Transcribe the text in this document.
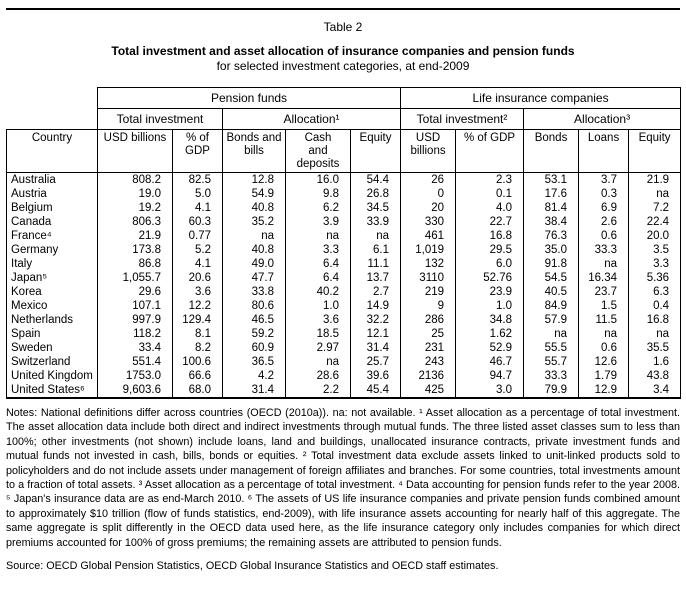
Table 2
Total investment and asset allocation of insurance companies and pension funds
for selected investment categories, at end-2009
	Pension funds					Life insurance companies				
	Total investment		Allocation¹			Total investment²		Allocation³		
Country	USD billions	% of GDP	Bonds and bills	Cash and deposits	Equity	USD billions	% of GDP	Bonds	Loans	Equity
Australia	808.2	82.5	12.8	16.0	54.4	26	2.3	53.1	3.7	21.9
Austria	19.0	5.0	54.9	9.8	26.8	0	0.1	17.6	0.3	na
Belgium	19.2	4.1	40.8	6.2	34.5	20	4.0	81.4	6.9	7.2
Canada	806.3	60.3	35.2	3.9	33.9	330	22.7	38.4	2.6	22.4
France⁴	21.9	0.77	na	na	na	461	16.8	76.3	0.6	20.0
Germany	173.8	5.2	40.8	3.3	6.1	1,019	29.5	35.0	33.3	3.5
Italy	86.8	4.1	49.0	6.4	11.1	132	6.0	91.8	na	3.3
Japan⁵	1,055.7	20.6	47.7	6.4	13.7	3110	52.76	54.5	16.34	5.36
Korea	29.6	3.6	33.8	40.2	2.7	219	23.9	40.5	23.7	6.3
Mexico	107.1	12.2	80.6	1.0	14.9	9	1.0	84.9	1.5	0.4
Netherlands	997.9	129.4	46.5	3.6	32.2	286	34.8	57.9	11.5	16.8
Spain	118.2	8.1	59.2	18.5	12.1	25	1.62	na	na	na
Sweden	33.4	8.2	60.9	2.97	31.4	231	52.9	55.5	0.6	35.5
Switzerland	551.4	100.6	36.5	na	25.7	243	46.7	55.7	12.6	1.6
United Kingdom	1753.0	66.6	4.2	28.6	39.6	2136	94.7	33.3	1.79	43.8
United States⁶	9,603.6	68.0	31.4	2.2	45.4	425	3.0	79.9	12.9	3.4

Notes: National definitions differ across countries (OECD (2010a)). na: not available. ¹ Asset allocation as a percentage of total investment. The asset allocation data include both direct and indirect investments through mutual funds. The three listed asset classes sum to less than 100%; other investments (not shown) include loans, land and buildings, unallocated insurance contracts, private investment funds and mutual funds not invested in cash, bills, bonds or equities. ² Total investment data exclude assets linked to unit-linked products sold to policyholders and do not include assets under management of foreign affiliates and branches. For some countries, total investments amount to a fraction of total assets. ³ Asset allocation as a percentage of total investment. ⁴ Data accounting for pension funds refer to the year 2008. ⁵ Japan's insurance data are as end-March 2010. ⁶ The assets of US life insurance companies and private pension funds combined amount to approximately $10 trillion (flow of funds statistics, end-2009), with life insurance assets accounting for nearly half of this aggregate. The same aggregate is split differently in the OECD data used here, as the life insurance category only includes companies for which direct premiums accounted for 100% of gross premiums; the remaining assets are attributed to pension funds.

Source: OECD Global Pension Statistics, OECD Global Insurance Statistics and OECD staff estimates.
